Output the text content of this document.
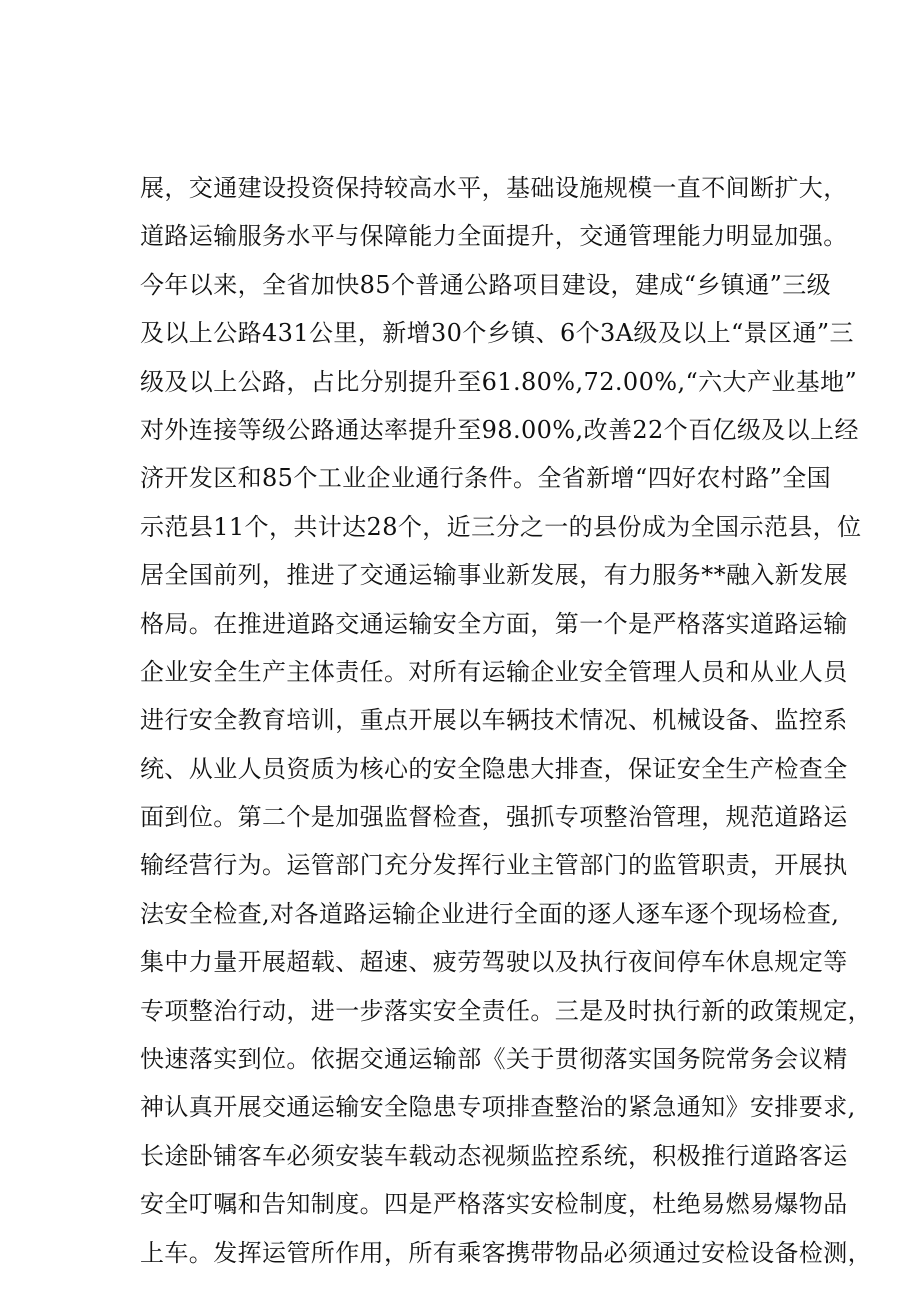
展，交通建设投资保持较高水平，基础设施规模一直不间断扩大，
道路运输服务水平与保障能力全面提升，交通管理能力明显加强。
今年以来，全省加快85个普通公路项目建设，建成“乡镇通”三级
及以上公路431公里，新增30个乡镇、6个3A级及以上“景区通”三
级及以上公路，占比分别提升至61.80%,72.00%,“六大产业基地”
对外连接等级公路通达率提升至98.00%,改善22个百亿级及以上经
济开发区和85个工业企业通行条件。全省新增“四好农村路”全国
示范县11个，共计达28个，近三分之一的县份成为全国示范县，位
居全国前列，推进了交通运输事业新发展，有力服务**融入新发展
格局。在推进道路交通运输安全方面，第一个是严格落实道路运输
企业安全生产主体责任。对所有运输企业安全管理人员和从业人员
进行安全教育培训，重点开展以车辆技术情况、机械设备、监控系
统、从业人员资质为核心的安全隐患大排查，保证安全生产检查全
面到位。第二个是加强监督检查，强抓专项整治管理，规范道路运
输经营行为。运管部门充分发挥行业主管部门的监管职责，开展执
法安全检查,对各道路运输企业进行全面的逐人逐车逐个现场检查,
集中力量开展超载、超速、疲劳驾驶以及执行夜间停车休息规定等
专项整治行动，进一步落实安全责任。三是及时执行新的政策规定，
快速落实到位。依据交通运输部《关于贯彻落实国务院常务会议精
神认真开展交通运输安全隐患专项排查整治的紧急通知》安排要求,
长途卧铺客车必须安装车载动态视频监控系统，积极推行道路客运
安全叮嘱和告知制度。四是严格落实安检制度，杜绝易燃易爆物品
上车。发挥运管所作用，所有乘客携带物品必须通过安检设备检测，
